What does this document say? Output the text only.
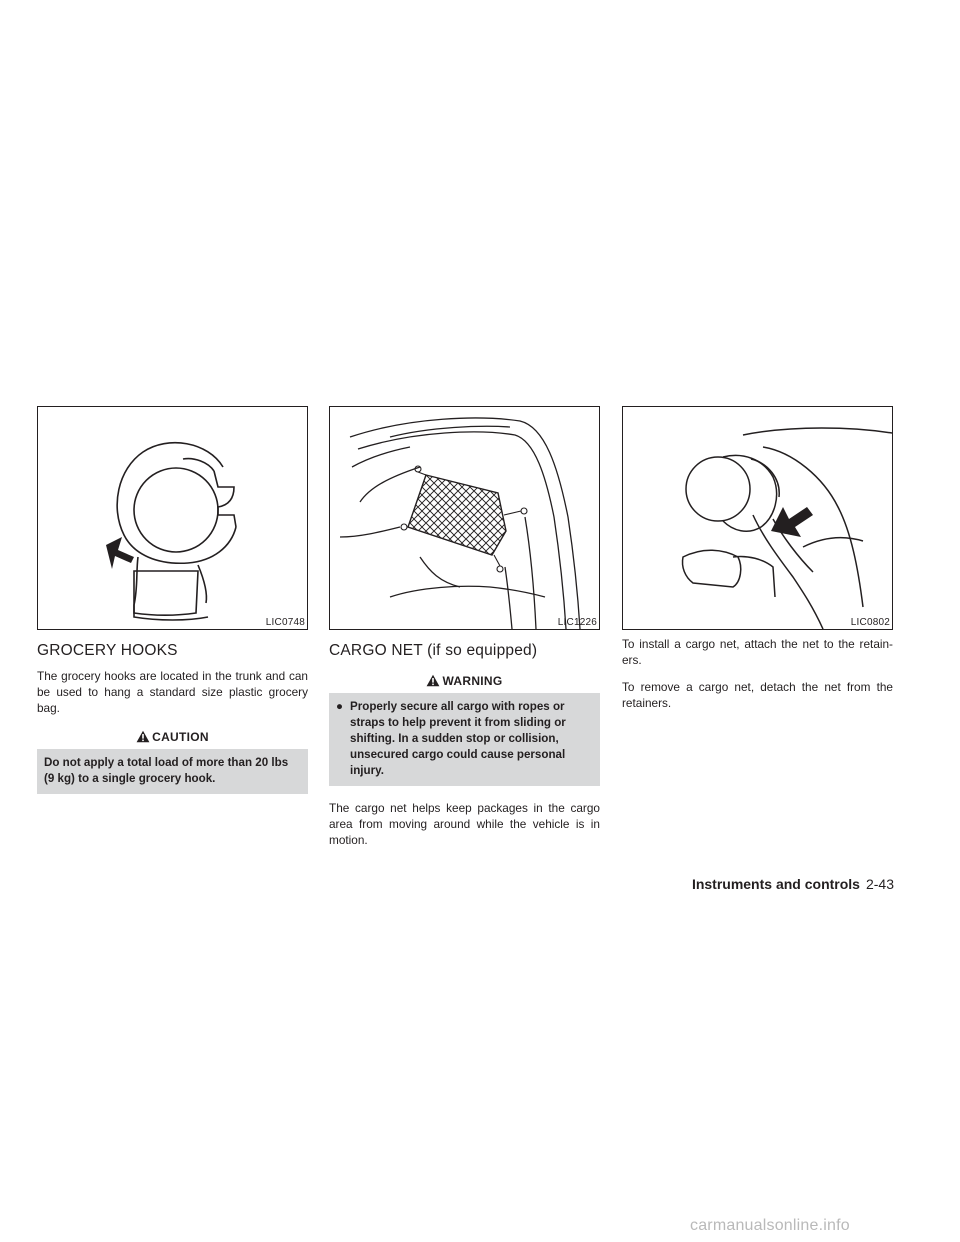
LIC0748
GROCERY HOOKS

The grocery hooks are located in the trunk and can be used to hang a standard size plastic grocery bag.

CAUTION
Do not apply a total load of more than 20 lbs (9 kg) to a single grocery hook.
LIC1226
CARGO NET (if so equipped)
WARNING
● Properly secure all cargo with ropes or straps to help prevent it from sliding or shifting. In a sudden stop or collision, unsecured cargo could cause personal injury.

The cargo net helps keep packages in the cargo area from moving around while the vehicle is in motion.

LIC0802

To install a cargo net, attach the net to the retain-ers.

To remove a cargo net, detach the net from the retainers.

Instruments and controls 2-43
carmanualsonline.info
